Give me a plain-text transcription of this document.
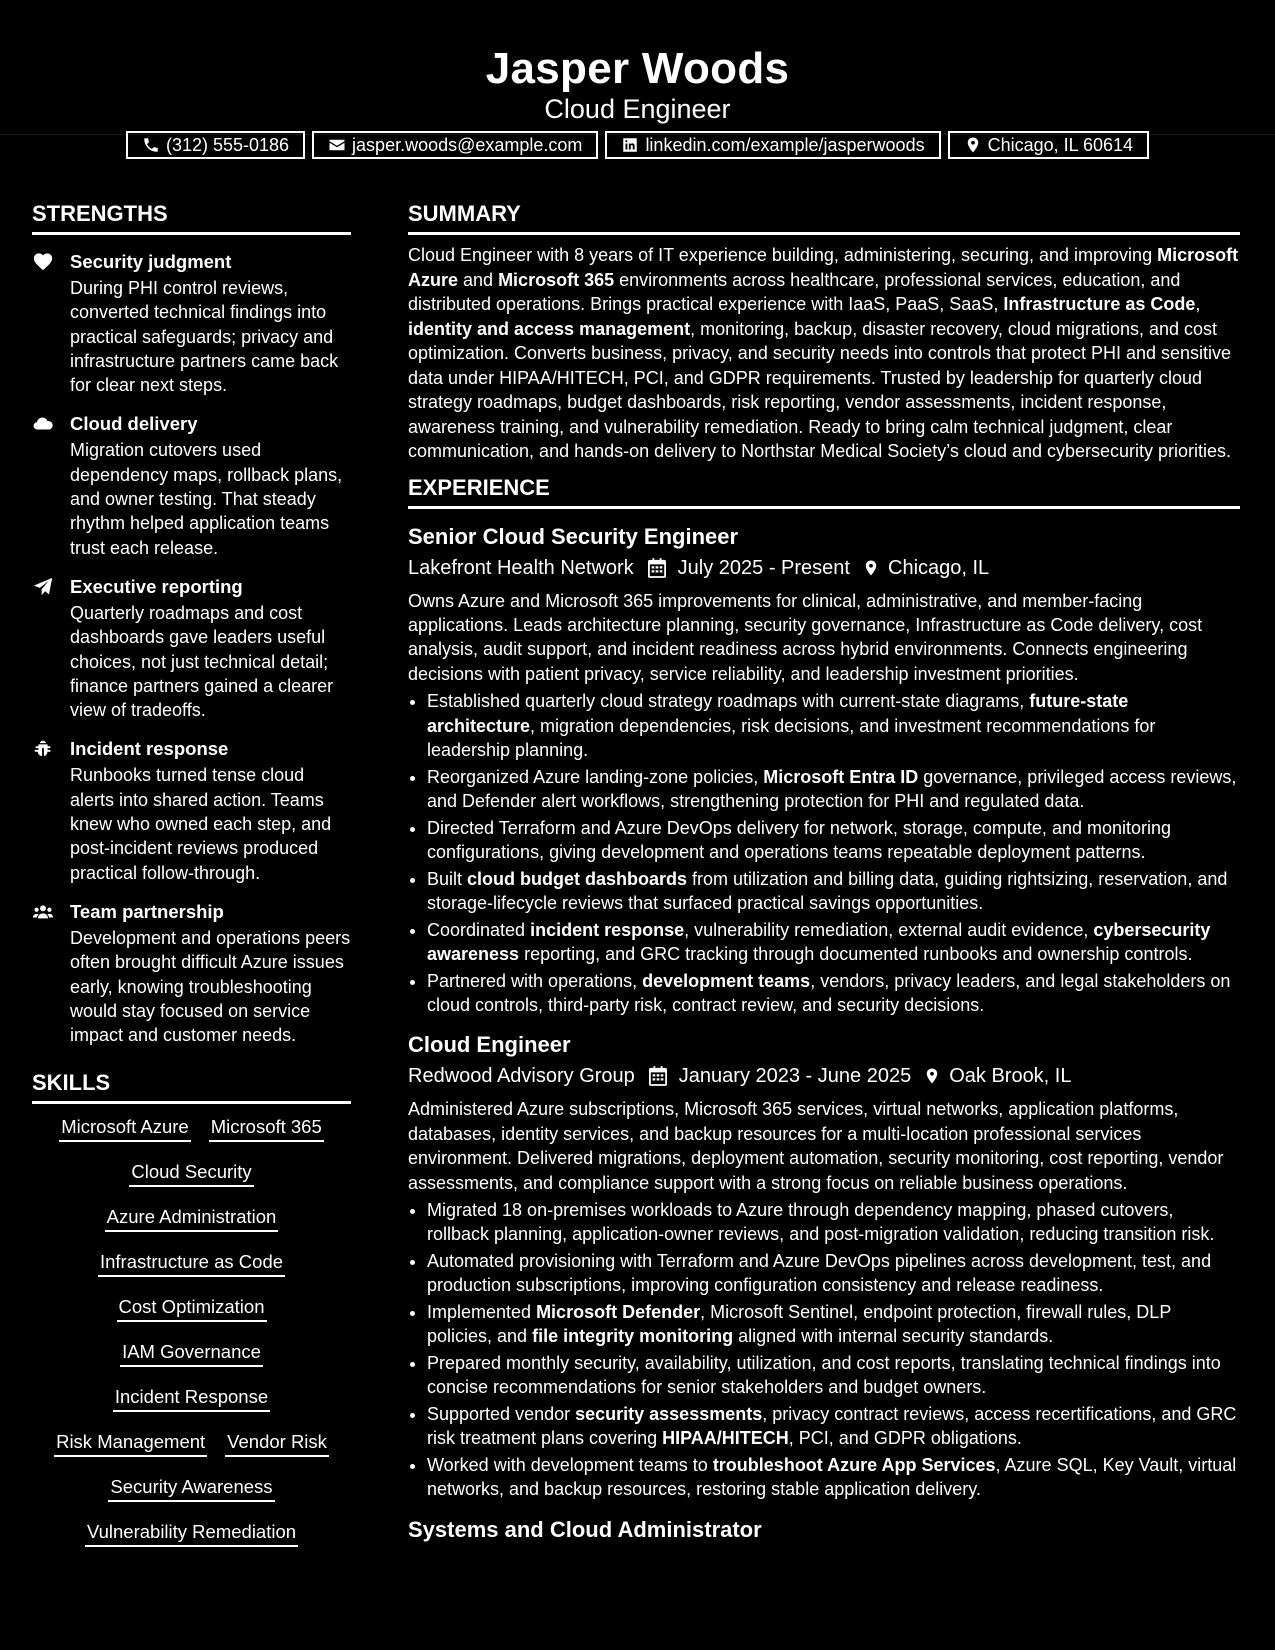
Jasper Woods
Cloud Engineer
(312) 555-0186	jasper.woods@example.com	linkedin.com/example/jasperwoods	Chicago, IL 60614
STRENGTHS
Security judgment
During PHI control reviews, converted technical findings into practical safeguards; privacy and infrastructure partners came back for clear next steps.
Cloud delivery
Migration cutovers used dependency maps, rollback plans, and owner testing. That steady rhythm helped application teams trust each release.
Executive reporting
Quarterly roadmaps and cost dashboards gave leaders useful choices, not just technical detail; finance partners gained a clearer view of tradeoffs.
Incident response
Runbooks turned tense cloud alerts into shared action. Teams knew who owned each step, and post-incident reviews produced practical follow-through.
Team partnership
Development and operations peers often brought difficult Azure issues early, knowing troubleshooting would stay focused on service impact and customer needs.
SKILLS
Microsoft Azure Microsoft 365
Cloud Security
Azure Administration
Infrastructure as Code
Cost Optimization
IAM Governance
Incident Response
Risk Management Vendor Risk
Security Awareness
Vulnerability Remediation
SUMMARY
Cloud Engineer with 8 years of IT experience building, administering, securing, and improving Microsoft Azure and Microsoft 365 environments across healthcare, professional services, education, and distributed operations. Brings practical experience with IaaS, PaaS, SaaS, Infrastructure as Code, identity and access management, monitoring, backup, disaster recovery, cloud migrations, and cost optimization. Converts business, privacy, and security needs into controls that protect PHI and sensitive data under HIPAA/HITECH, PCI, and GDPR requirements. Trusted by leadership for quarterly cloud strategy roadmaps, budget dashboards, risk reporting, vendor assessments, incident response, awareness training, and vulnerability remediation. Ready to bring calm technical judgment, clear communication, and hands-on delivery to Northstar Medical Society’s cloud and cybersecurity priorities.
EXPERIENCE
Senior Cloud Security Engineer
Lakefront Health Network July 2025 - Present Chicago, IL
Owns Azure and Microsoft 365 improvements for clinical, administrative, and member-facing applications. Leads architecture planning, security governance, Infrastructure as Code delivery, cost analysis, audit support, and incident readiness across hybrid environments. Connects engineering decisions with patient privacy, service reliability, and leadership investment priorities.
• Established quarterly cloud strategy roadmaps with current-state diagrams, future-state architecture, migration dependencies, risk decisions, and investment recommendations for leadership planning.
• Reorganized Azure landing-zone policies, Microsoft Entra ID governance, privileged access reviews, and Defender alert workflows, strengthening protection for PHI and regulated data.
• Directed Terraform and Azure DevOps delivery for network, storage, compute, and monitoring configurations, giving development and operations teams repeatable deployment patterns.
• Built cloud budget dashboards from utilization and billing data, guiding rightsizing, reservation, and storage-lifecycle reviews that surfaced practical savings opportunities.
• Coordinated incident response, vulnerability remediation, external audit evidence, cybersecurity awareness reporting, and GRC tracking through documented runbooks and ownership controls.
• Partnered with operations, development teams, vendors, privacy leaders, and legal stakeholders on cloud controls, third-party risk, contract review, and security decisions.
Cloud Engineer
Redwood Advisory Group January 2023 - June 2025 Oak Brook, IL
Administered Azure subscriptions, Microsoft 365 services, virtual networks, application platforms, databases, identity services, and backup resources for a multi-location professional services environment. Delivered migrations, deployment automation, security monitoring, cost reporting, vendor assessments, and compliance support with a strong focus on reliable business operations.
• Migrated 18 on-premises workloads to Azure through dependency mapping, phased cutovers, rollback planning, application-owner reviews, and post-migration validation, reducing transition risk.
• Automated provisioning with Terraform and Azure DevOps pipelines across development, test, and production subscriptions, improving configuration consistency and release readiness.
• Implemented Microsoft Defender, Microsoft Sentinel, endpoint protection, firewall rules, DLP policies, and file integrity monitoring aligned with internal security standards.
• Prepared monthly security, availability, utilization, and cost reports, translating technical findings into concise recommendations for senior stakeholders and budget owners.
• Supported vendor security assessments, privacy contract reviews, access recertifications, and GRC risk treatment plans covering HIPAA/HITECH, PCI, and GDPR obligations.
• Worked with development teams to troubleshoot Azure App Services, Azure SQL, Key Vault, virtual networks, and backup resources, restoring stable application delivery.
Systems and Cloud Administrator
